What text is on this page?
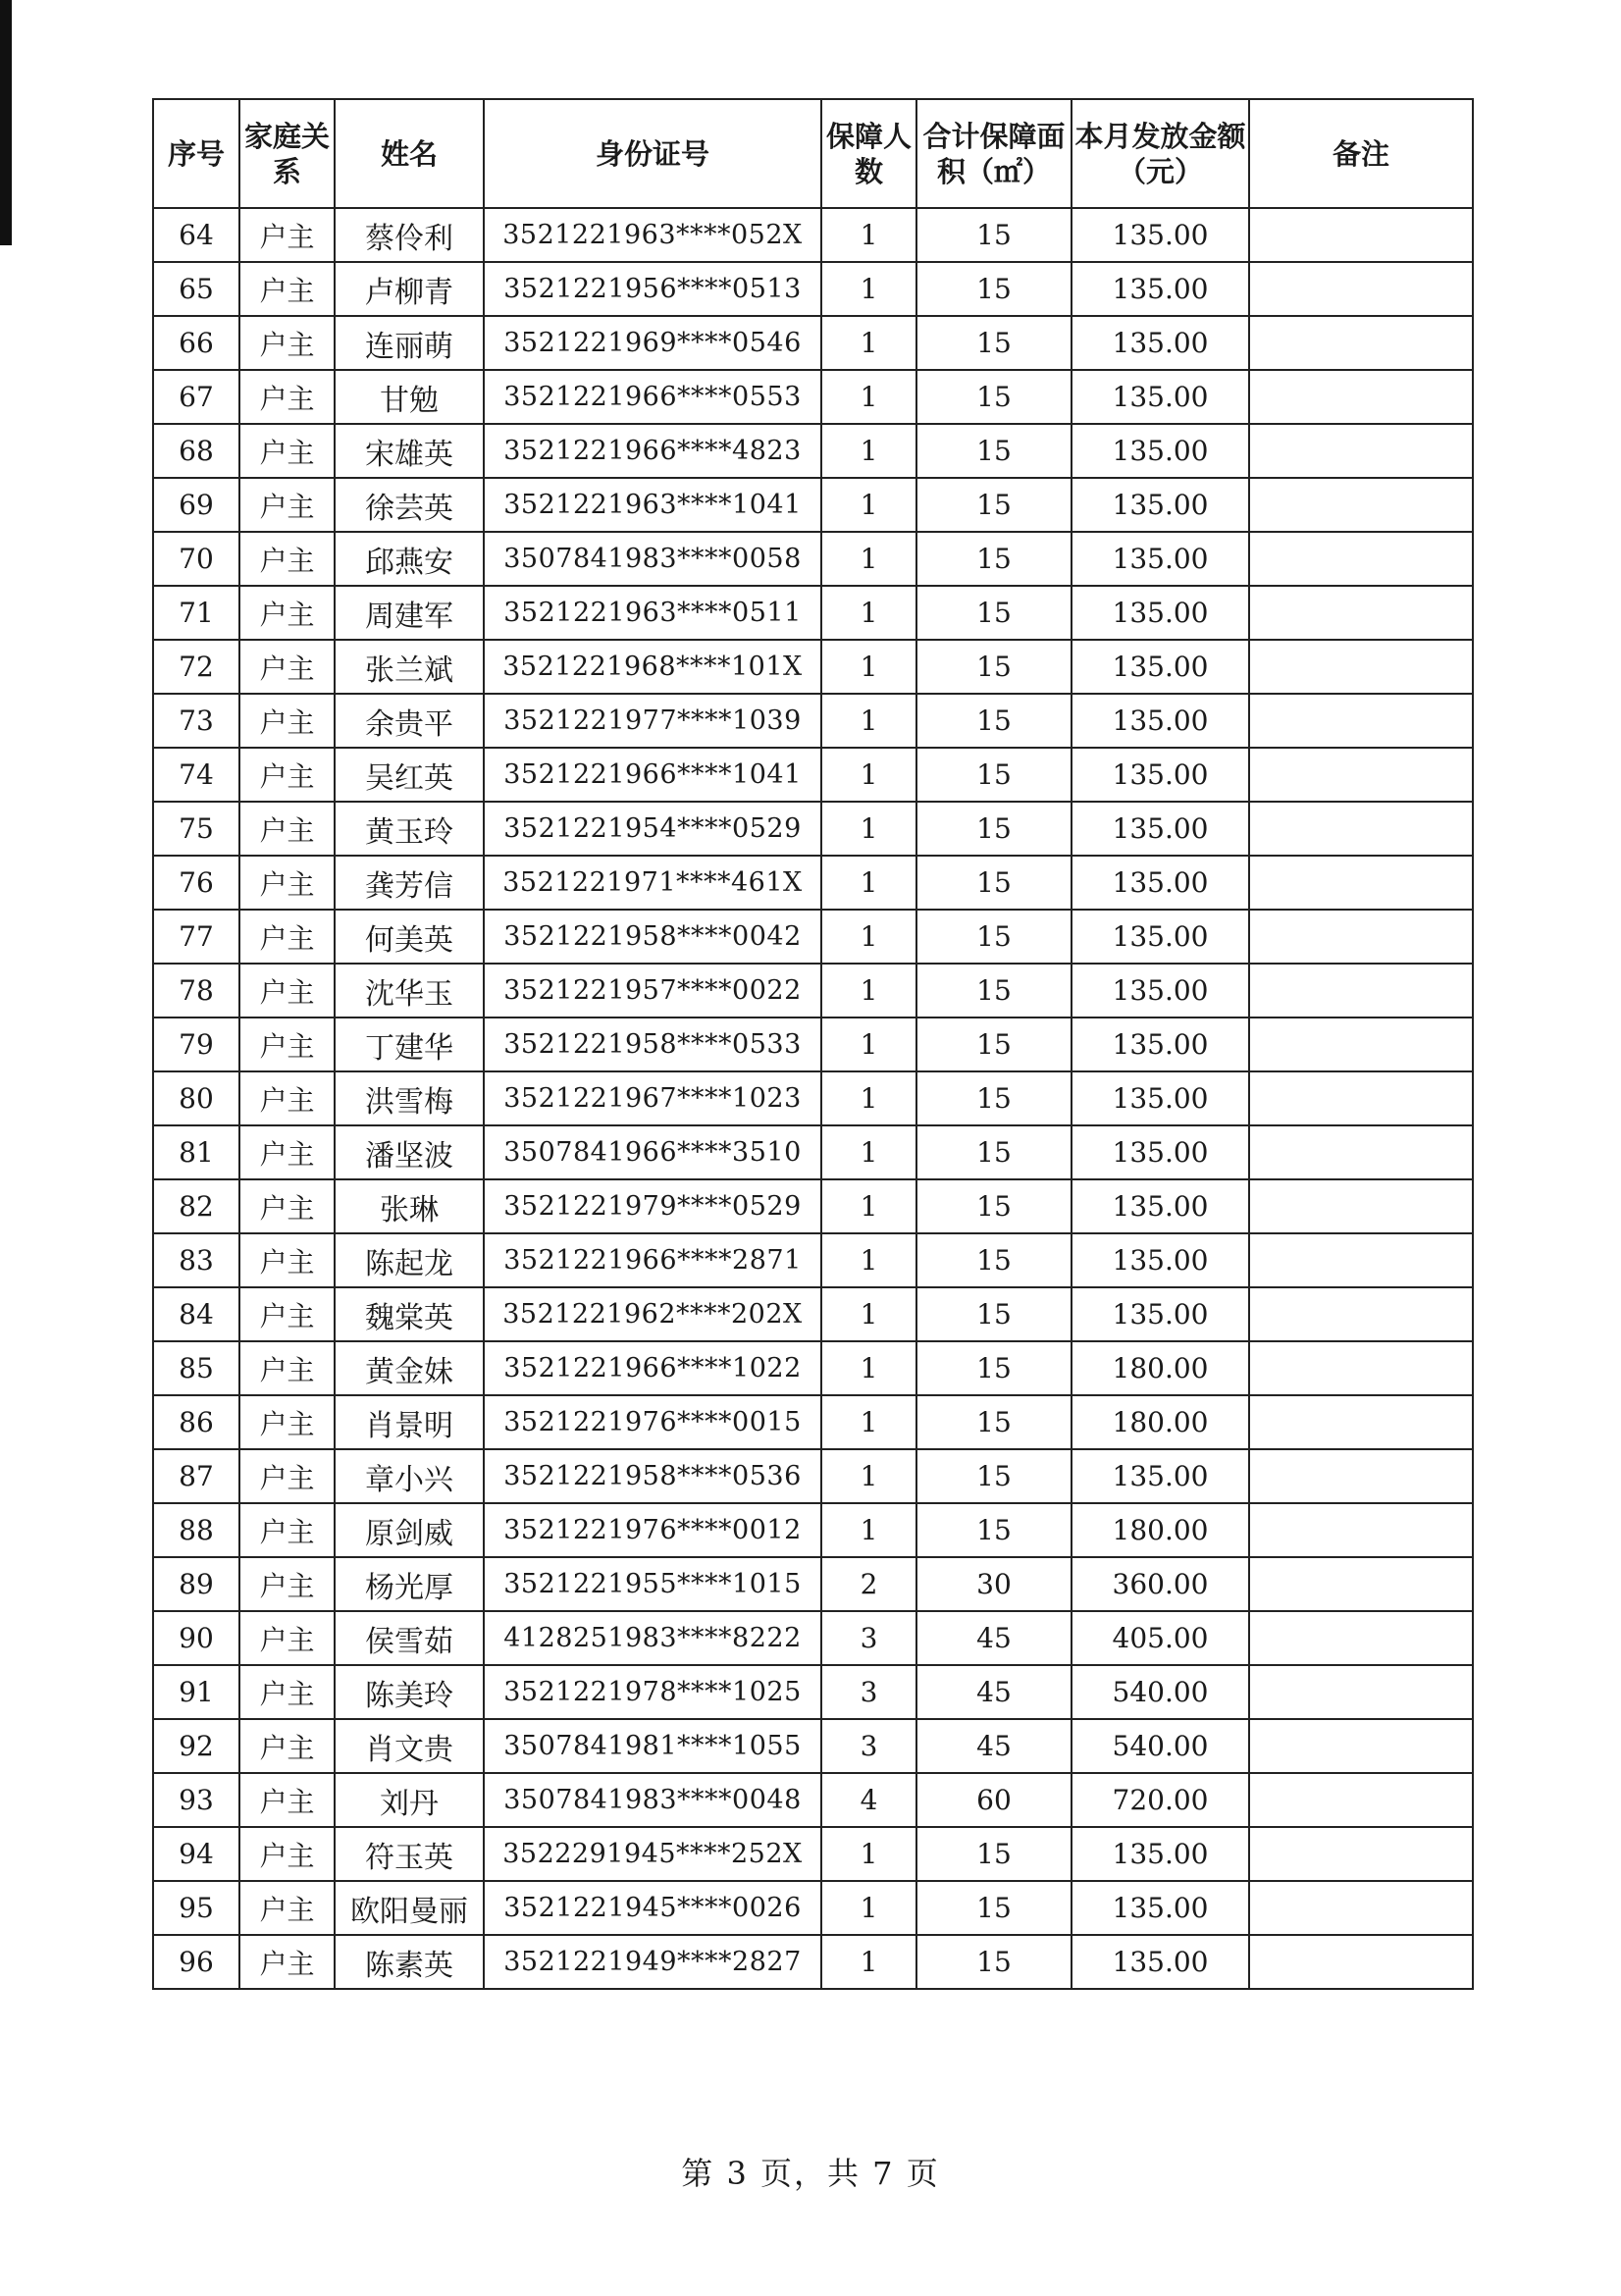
序号	家庭关系	姓名	身份证号	保障人数	合计保障面积（㎡）	本月发放金额（元）	备注
64	户主	蔡伶利	3521221963****052X	1	15	135.00	
65	户主	卢柳青	3521221956****0513	1	15	135.00	
66	户主	连丽萌	3521221969****0546	1	15	135.00	
67	户主	甘勉	3521221966****0553	1	15	135.00	
68	户主	宋雄英	3521221966****4823	1	15	135.00	
69	户主	徐芸英	3521221963****1041	1	15	135.00	
70	户主	邱燕安	3507841983****0058	1	15	135.00	
71	户主	周建军	3521221963****0511	1	15	135.00	
72	户主	张兰斌	3521221968****101X	1	15	135.00	
73	户主	余贵平	3521221977****1039	1	15	135.00	
74	户主	吴红英	3521221966****1041	1	15	135.00	
75	户主	黄玉玲	3521221954****0529	1	15	135.00	
76	户主	龚芳信	3521221971****461X	1	15	135.00	
77	户主	何美英	3521221958****0042	1	15	135.00	
78	户主	沈华玉	3521221957****0022	1	15	135.00	
79	户主	丁建华	3521221958****0533	1	15	135.00	
80	户主	洪雪梅	3521221967****1023	1	15	135.00	
81	户主	潘坚波	3507841966****3510	1	15	135.00	
82	户主	张琳	3521221979****0529	1	15	135.00	
83	户主	陈起龙	3521221966****2871	1	15	135.00	
84	户主	魏棠英	3521221962****202X	1	15	135.00	
85	户主	黄金妹	3521221966****1022	1	15	180.00	
86	户主	肖景明	3521221976****0015	1	15	180.00	
87	户主	章小兴	3521221958****0536	1	15	135.00	
88	户主	原剑威	3521221976****0012	1	15	180.00	
89	户主	杨光厚	3521221955****1015	2	30	360.00	
90	户主	侯雪茹	4128251983****8222	3	45	405.00	
91	户主	陈美玲	3521221978****1025	3	45	540.00	
92	户主	肖文贵	3507841981****1055	3	45	540.00	
93	户主	刘丹	3507841983****0048	4	60	720.00	
94	户主	符玉英	3522291945****252X	1	15	135.00	
95	户主	欧阳曼丽	3521221945****0026	1	15	135.00	
96	户主	陈素英	3521221949****2827	1	15	135.00	
第 3 页，共 7 页
